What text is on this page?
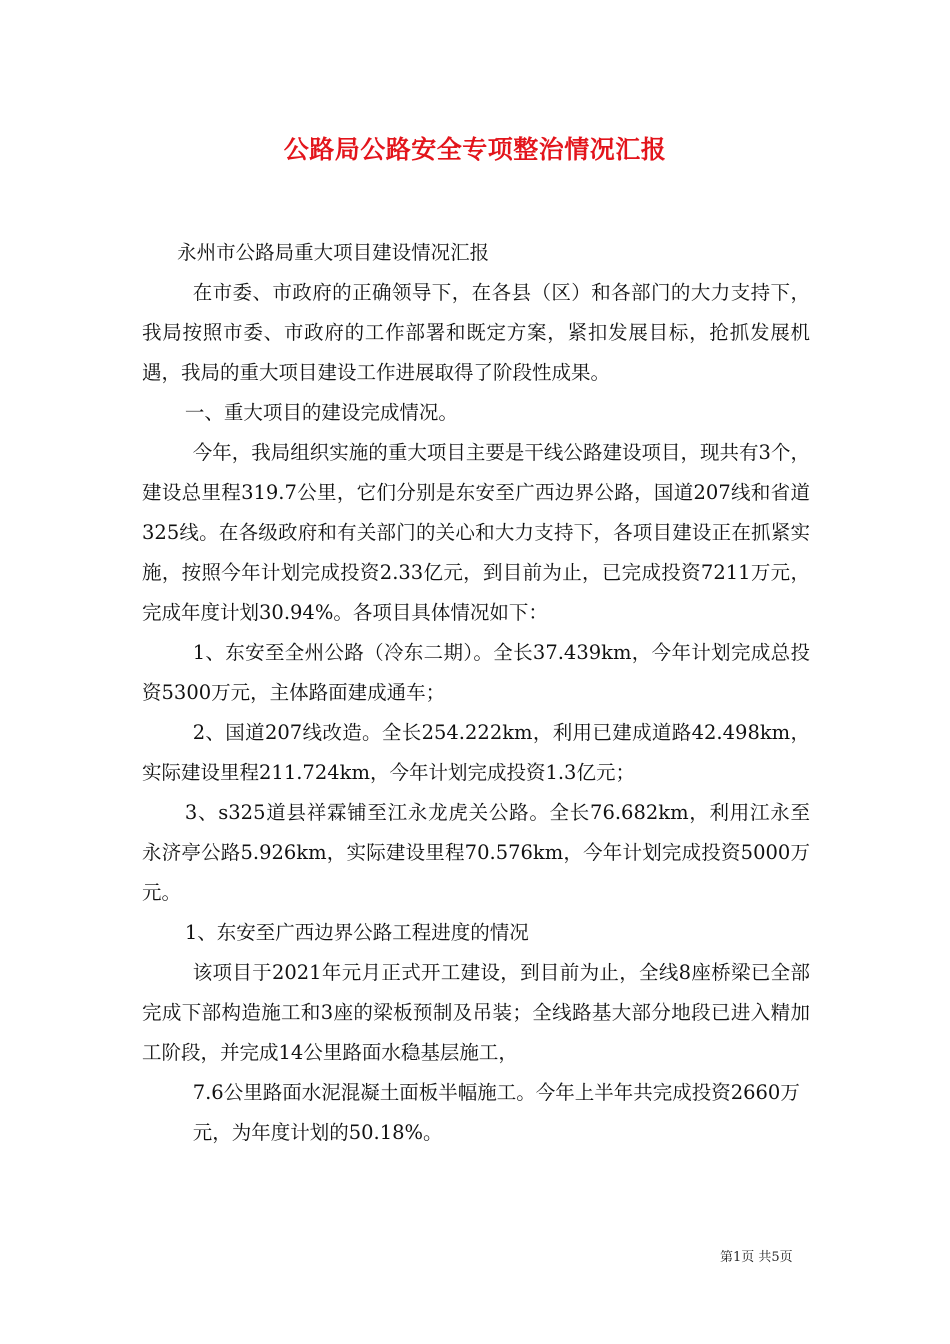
公路局公路安全专项整治情况汇报

永州市公路局重大项目建设情况汇报

在市委、市政府的正确领导下，在各县（区）和各部门的大力支持下，我局按照市委、市政府的工作部署和既定方案，紧扣发展目标，抢抓发展机遇，我局的重大项目建设工作进展取得了阶段性成果。

一、重大项目的建设完成情况。

今年，我局组织实施的重大项目主要是干线公路建设项目，现共有3个，建设总里程319.7公里，它们分别是东安至广西边界公路，国道207线和省道325线。在各级政府和有关部门的关心和大力支持下，各项目建设正在抓紧实施，按照今年计划完成投资2.33亿元，到目前为止，已完成投资7211万元，完成年度计划30.94%。各项目具体情况如下：

1、东安至全州公路（冷东二期）。全长37.439km，今年计划完成总投资5300万元，主体路面建成通车；

2、国道207线改造。全长254.222km，利用已建成道路42.498km，实际建设里程211.724km，今年计划完成投资1.3亿元；

3、s325道县祥霖铺至江永龙虎关公路。全长76.682km，利用江永至永济亭公路5.926km，实际建设里程70.576km，今年计划完成投资5000万元。

1、东安至广西边界公路工程进度的情况

该项目于2021年元月正式开工建设，到目前为止，全线8座桥梁已全部完成下部构造施工和3座的梁板预制及吊装；全线路基大部分地段已进入精加工阶段，并完成14公里路面水稳基层施工，

7.6公里路面水泥混凝土面板半幅施工。今年上半年共完成投资2660万

元，为年度计划的50.18%。

第1页 共5页
